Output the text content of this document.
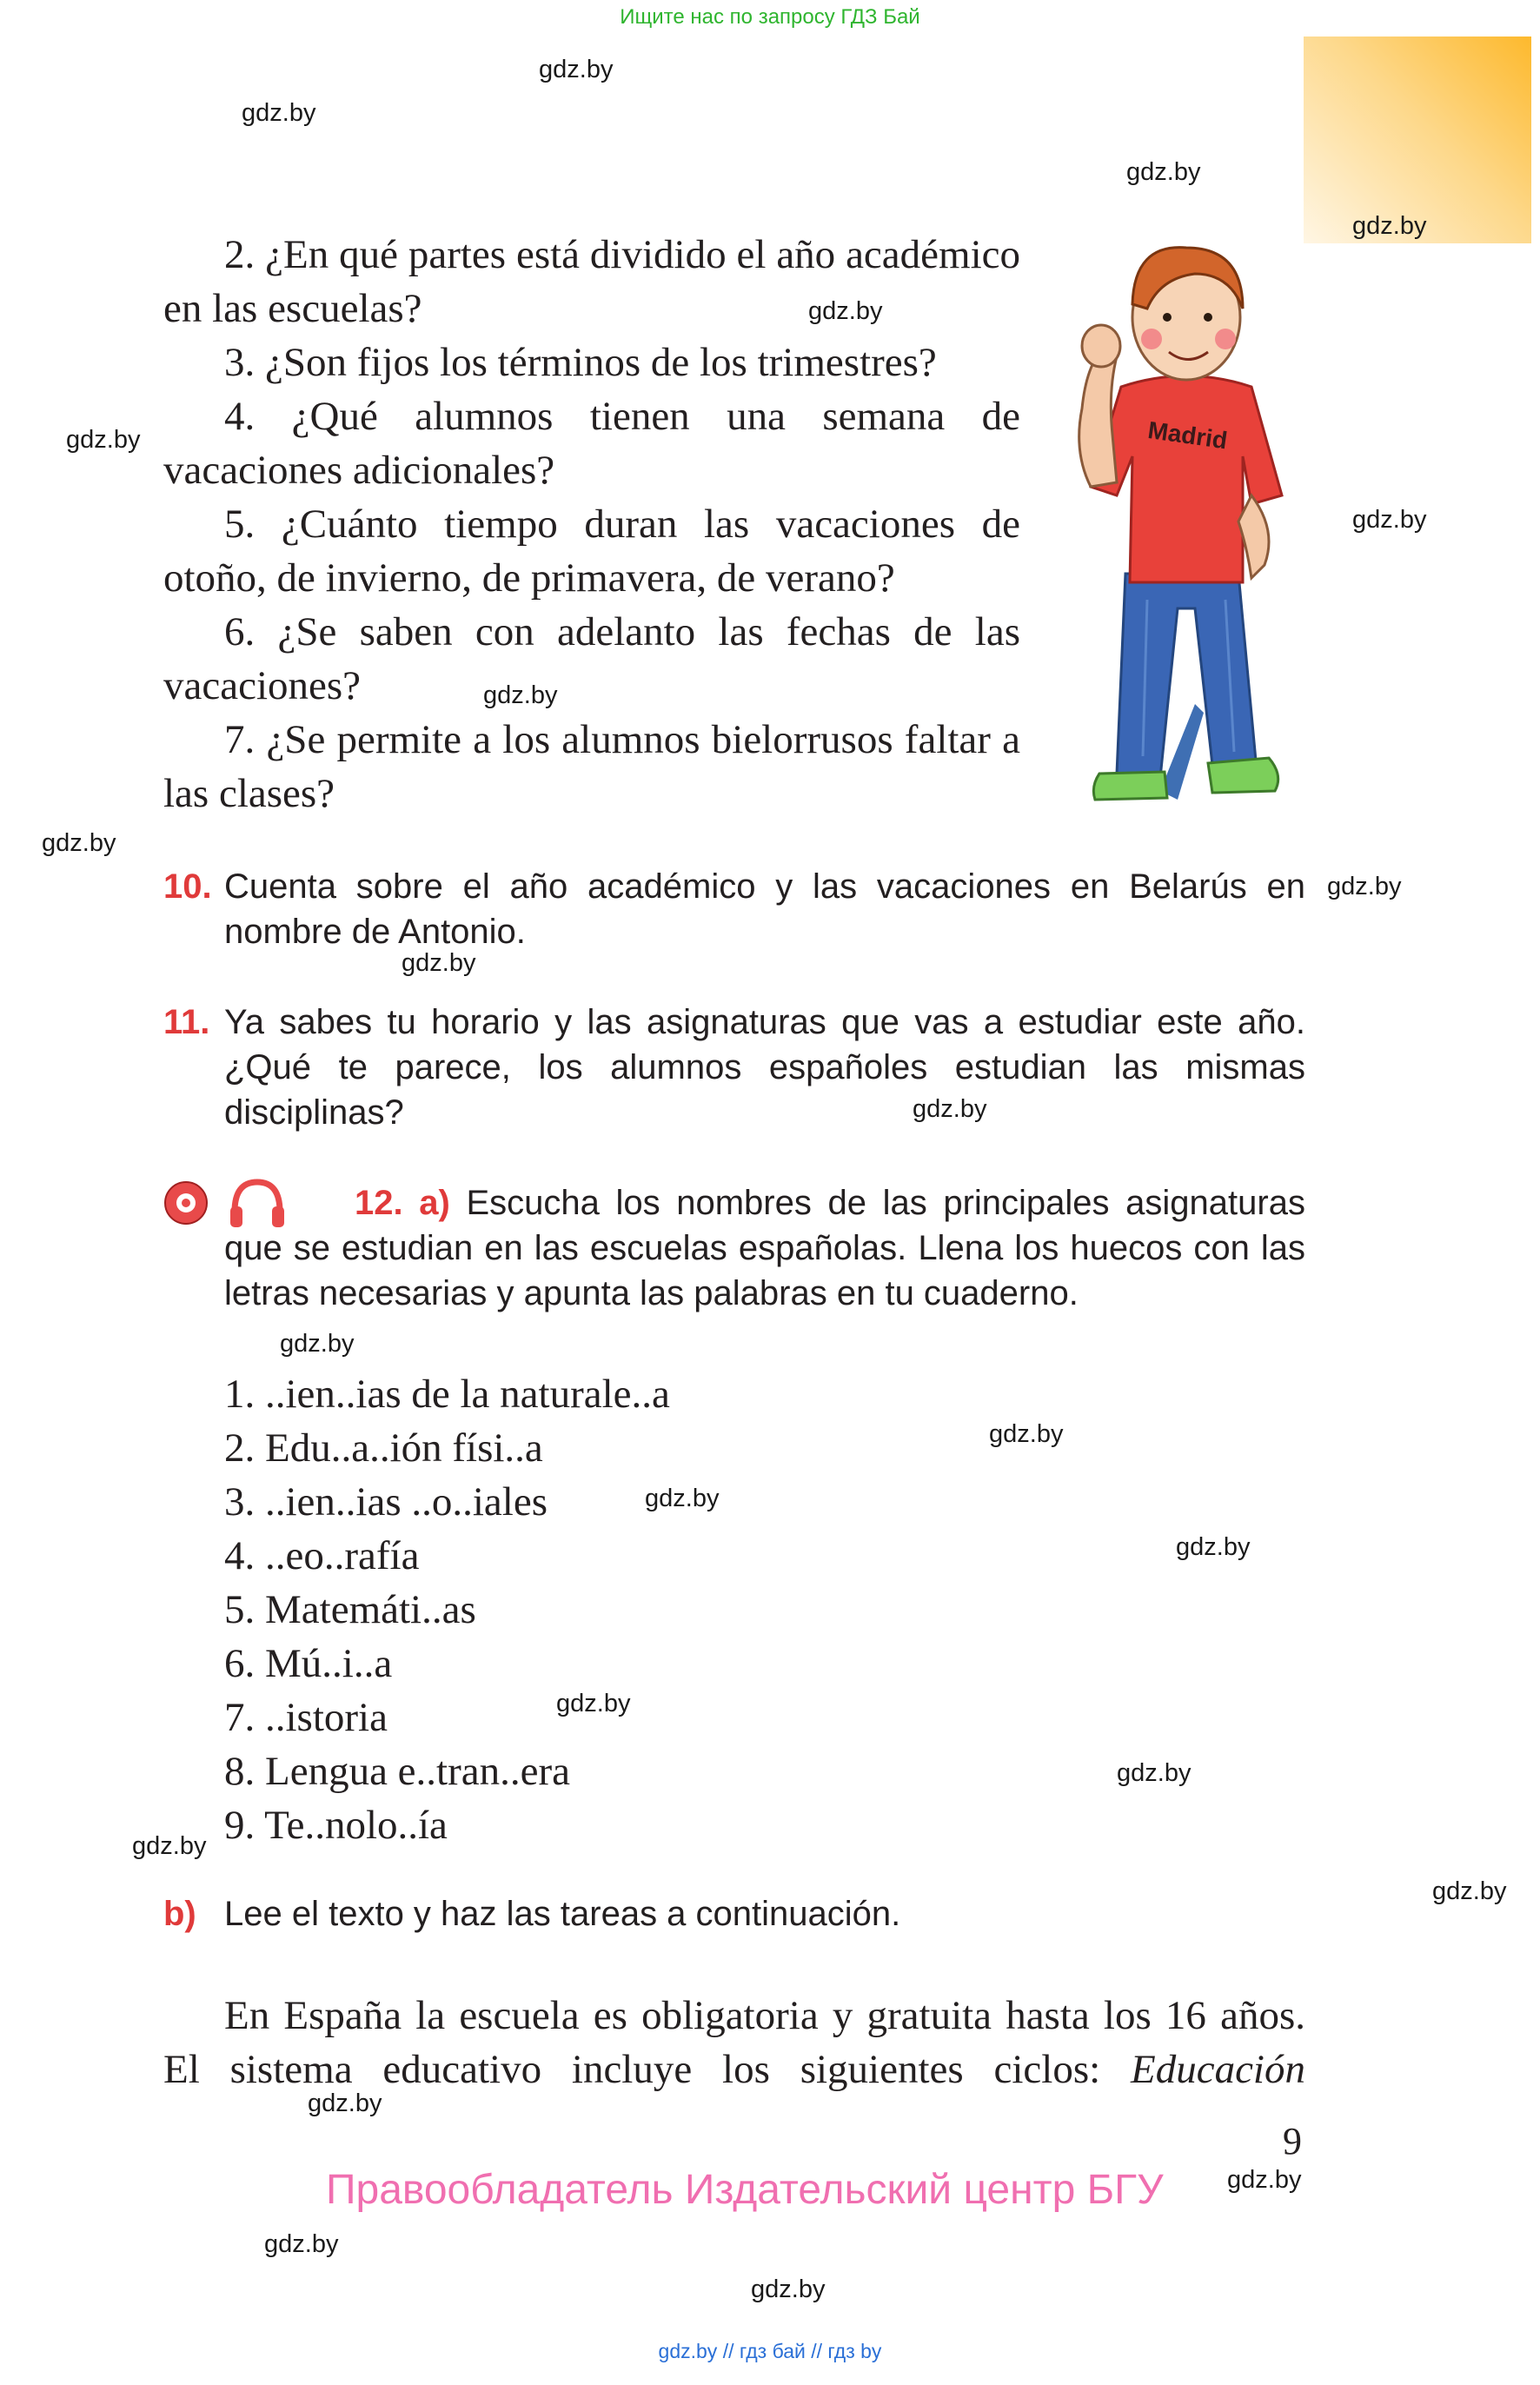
Ищите нас по запросу ГДЗ Бай

2. ¿En qué partes está dividido el año académico en las escuelas?

3. ¿Son fijos los términos de los trimestres?

4. ¿Qué alumnos tienen una semana de vacaciones adicionales?

5. ¿Cuánto tiempo duran las vacaciones de otoño, de invierno, de primavera, de verano?

6. ¿Se saben con adelanto las fechas de las vacaciones?

7. ¿Se permite a los alumnos bielorrusos faltar a las clases?

Madrid
10. Cuenta sobre el año académico y las vacaciones en Belarús en nombre de Antonio.
11. Ya sabes tu horario y las asignaturas que vas a estudiar este año. ¿Qué te parece, los alumnos españoles estudian las mismas disciplinas?
12. a) Escucha los nombres de las principales asignaturas que se estudian en las escuelas españolas. Llena los huecos con las letras necesarias y apunta las palabras en tu cuaderno.
1. ..ien..ias de la naturale..a
2. Edu..a..ión físi..a
3. ..ien..ias ..o..iales
4. ..eo..rafía
5. Matemáti..as
6. Mú..i..a
7. ..istoria
8. Lengua e..tran..era
9. Te..nolo..ía
b) Lee el texto y haz las tareas a continuación.

En España la escuela es obligatoria y gratuita hasta los 16 años.

El sistema educativo incluye los siguientes ciclos: Educación

9
Правообладатель Издательский центр БГУ
gdz.by // гдз бай // гдз by
gdz.by
gdz.by
gdz.by
gdz.by
gdz.by
gdz.by
gdz.by
gdz.by
gdz.by
gdz.by
gdz.by
gdz.by
gdz.by
gdz.by
gdz.by
gdz.by
gdz.by
gdz.by
gdz.by
gdz.by
gdz.by
gdz.by
gdz.by
gdz.by
